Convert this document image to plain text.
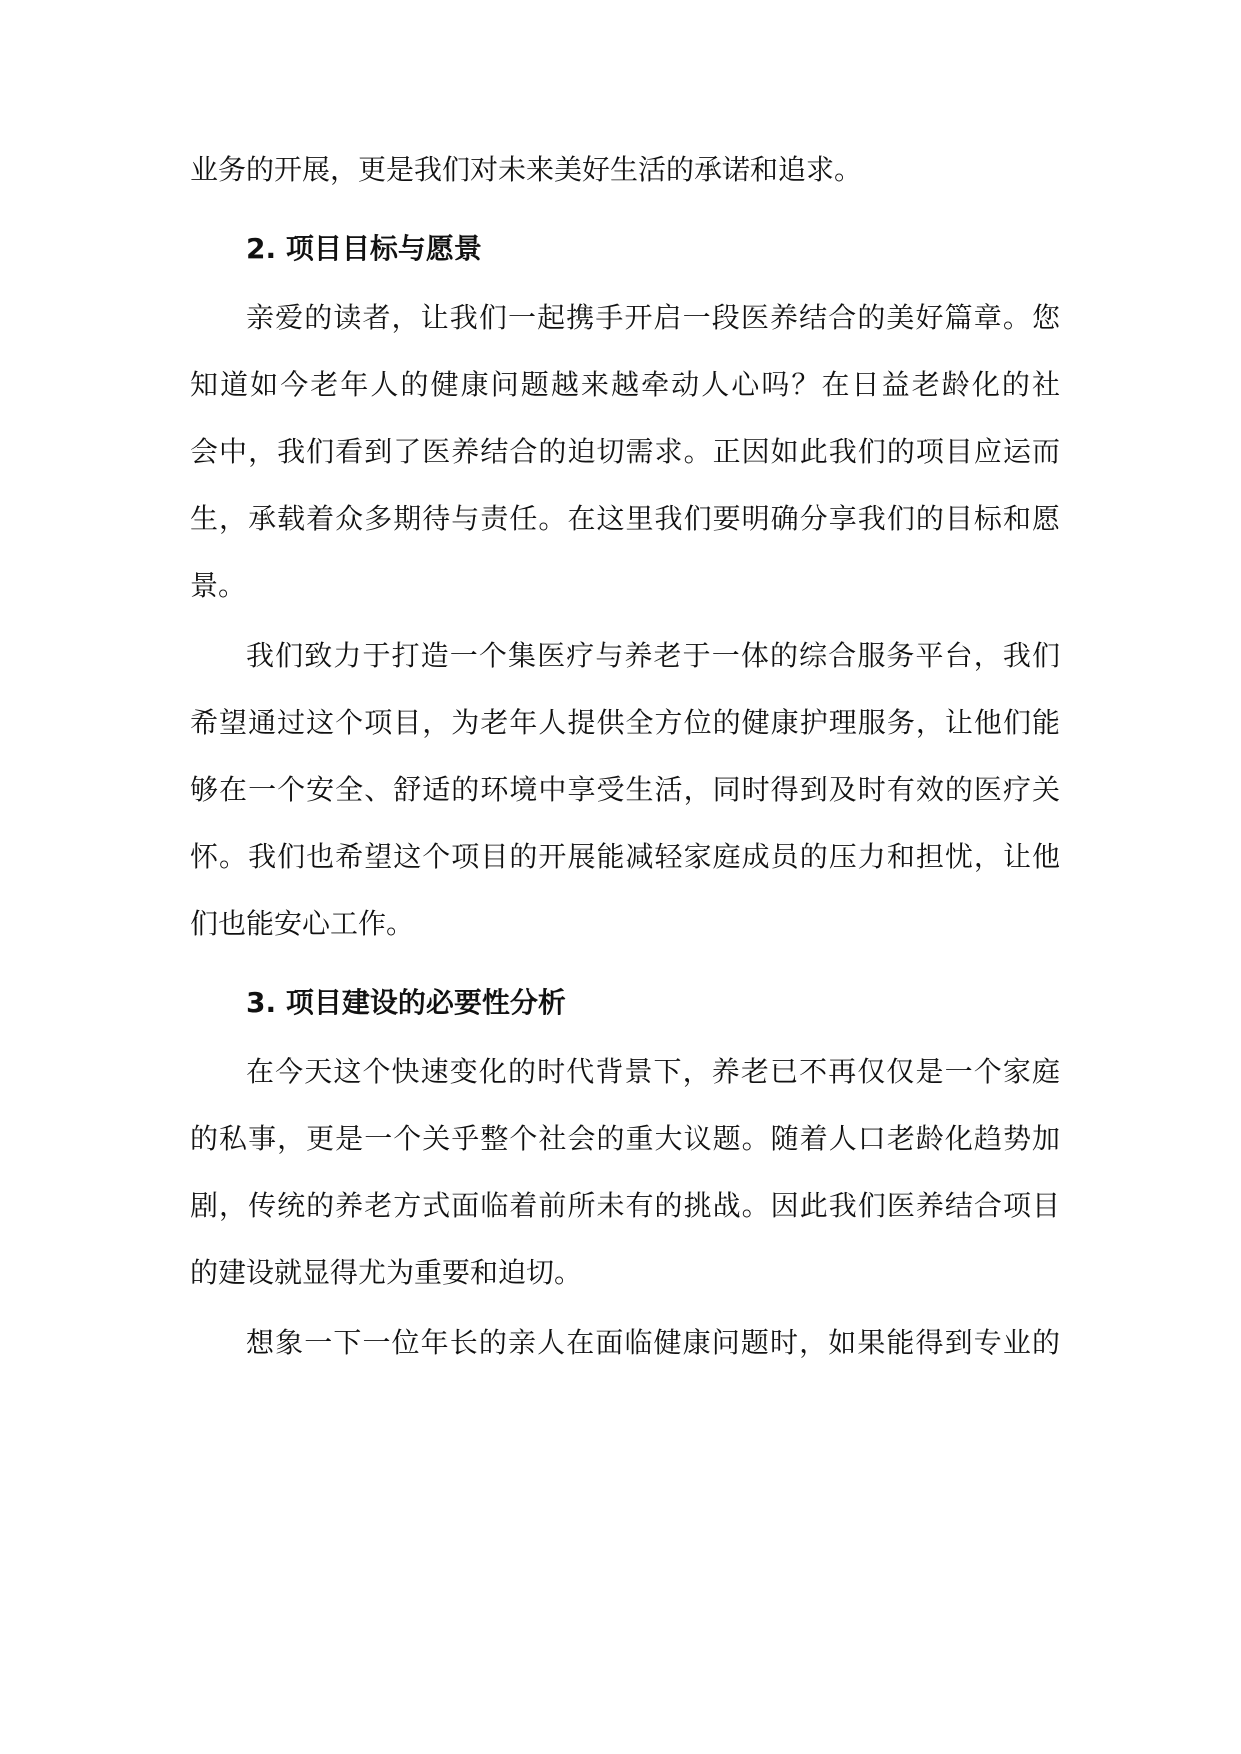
业务的开展，更是我们对未来美好生活的承诺和追求。
2. 项目目标与愿景
亲爱的读者，让我们一起携手开启一段医养结合的美好篇章。您
知道如今老年人的健康问题越来越牵动人心吗？在日益老龄化的社
会中，我们看到了医养结合的迫切需求。正因如此我们的项目应运而
生，承载着众多期待与责任。在这里我们要明确分享我们的目标和愿
景。
我们致力于打造一个集医疗与养老于一体的综合服务平台，我们
希望通过这个项目，为老年人提供全方位的健康护理服务，让他们能
够在一个安全、舒适的环境中享受生活，同时得到及时有效的医疗关
怀。我们也希望这个项目的开展能减轻家庭成员的压力和担忧，让他
们也能安心工作。
3. 项目建设的必要性分析
在今天这个快速变化的时代背景下，养老已不再仅仅是一个家庭
的私事，更是一个关乎整个社会的重大议题。随着人口老龄化趋势加
剧，传统的养老方式面临着前所未有的挑战。因此我们医养结合项目
的建设就显得尤为重要和迫切。
想象一下一位年长的亲人在面临健康问题时，如果能得到专业的
